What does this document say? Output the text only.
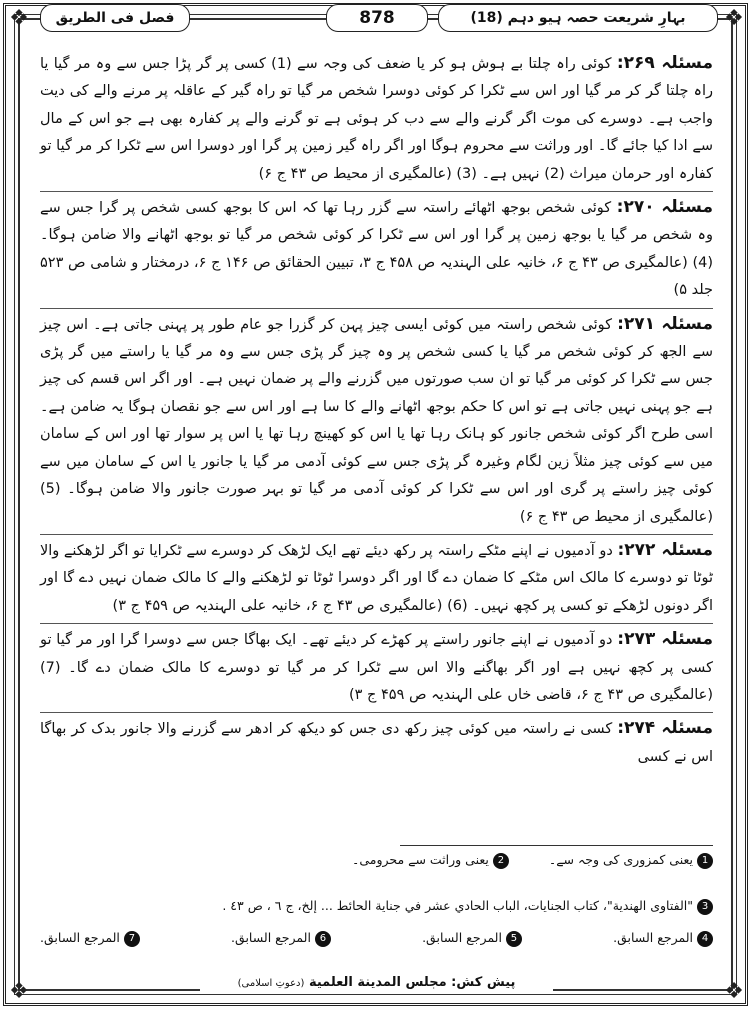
❖	❖
❖	❖
بہارِ شریعت حصہ ہیو دہم (18)
878
فصل فی الطریق

مسئلہ ۲۶۹: کوئی راہ چلتا بے ہوش ہو کر یا ضعف کی وجہ سے (1) کسی پر گر پڑا جس سے وہ مر گیا یا راہ چلتا گر کر مر گیا اور اس سے ٹکرا کر کوئی دوسرا شخص مر گیا تو راہ گیر کے عاقلہ پر مرنے والے کی دیت واجب ہے۔ دوسرے کی موت اگر گرنے والے سے دب کر ہوئی ہے تو گرنے والے پر کفارہ بھی ہے جو اس کے مال سے ادا کیا جائے گا۔ اور وراثت سے محروم ہوگا اور اگر راہ گیر زمین پر گرا اور دوسرا اس سے ٹکرا کر مر گیا تو کفارہ اور حرمان میراث (2) نہیں ہے۔ (3) (عالمگیری از محیط ص ۴۳ ج ۶)

مسئلہ ۲۷۰: کوئی شخص بوجھ اٹھائے راستہ سے گزر رہا تھا کہ اس کا بوجھ کسی شخص پر گرا جس سے وہ شخص مر گیا یا بوجھ زمین پر گرا اور اس سے ٹکرا کر کوئی شخص مر گیا تو بوجھ اٹھانے والا ضامن ہوگا۔ (4) (عالمگیری ص ۴۳ ج ۶، خانیہ علی الہندیہ ص ۴۵۸ ج ۳، تبیین الحقائق ص ۱۴۶ ج ۶، درمختار و شامی ص ۵۲۳ جلد ۵)

مسئلہ ۲۷۱: کوئی شخص راستہ میں کوئی ایسی چیز پہن کر گزرا جو عام طور پر پہنی جاتی ہے۔ اس چیز سے الجھ کر کوئی شخص مر گیا یا کسی شخص پر وہ چیز گر پڑی جس سے وہ مر گیا یا راستے میں گر پڑی جس سے ٹکرا کر کوئی مر گیا تو ان سب صورتوں میں گزرنے والے پر ضمان نہیں ہے۔ اور اگر اس قسم کی چیز ہے جو پہنی نہیں جاتی ہے تو اس کا حکم بوجھ اٹھانے والے کا سا ہے اور اس سے جو نقصان ہوگا یہ ضامن ہے۔ اسی طرح اگر کوئی شخص جانور کو ہانک رہا تھا یا اس کو کھینچ رہا تھا یا اس پر سوار تھا اور اس کے سامان میں سے کوئی چیز مثلاً زین لگام وغیرہ گر پڑی جس سے کوئی آدمی مر گیا یا جانور یا اس کے سامان میں سے کوئی چیز راستے پر گری اور اس سے ٹکرا کر کوئی آدمی مر گیا تو بہر صورت جانور والا ضامن ہوگا۔ (5) (عالمگیری از محیط ص ۴۳ ج ۶)

مسئلہ ۲۷۲: دو آدمیوں نے اپنے مٹکے راستہ پر رکھ دیئے تھے ایک لڑھک کر دوسرے سے ٹکرایا تو اگر لڑھکنے والا ٹوٹا تو دوسرے کا مالک اس مٹکے کا ضمان دے گا اور اگر دوسرا ٹوٹا تو لڑھکنے والے کا مالک ضمان نہیں دے گا اور اگر دونوں لڑھکے تو کسی پر کچھ نہیں۔ (6) (عالمگیری ص ۴۳ ج ۶، خانیہ علی الہندیہ ص ۴۵۹ ج ۳)

مسئلہ ۲۷۳: دو آدمیوں نے اپنے جانور راستے پر کھڑے کر دیئے تھے۔ ایک بھاگا جس سے دوسرا گرا اور مر گیا تو کسی پر کچھ نہیں ہے اور اگر بھاگنے والا اس سے ٹکرا کر مر گیا تو دوسرے کا مالک ضمان دے گا۔ (7) (عالمگیری ص ۴۳ ج ۶، قاضی خاں علی الہندیہ ص ۴۵۹ ج ۳)

مسئلہ ۲۷۴: کسی نے راستہ میں کوئی چیز رکھ دی جس کو دیکھ کر ادھر سے گزرنے والا جانور بدک کر بھاگا اس نے کسی

1یعنی کمزوری کی وجہ سے۔
2یعنی وراثت سے محرومی۔
3"الفتاوی الهندية"، كتاب الجنايات، الباب الحادي عشر في جناية الحائط ... إلخ، ج ٦ ، ص ٤٣ .
4المرجع السابق.
5المرجع السابق.
6المرجع السابق.
7المرجع السابق.
پیش کش: مجلس المدينة العلمية (دعوتِ اسلامی)
